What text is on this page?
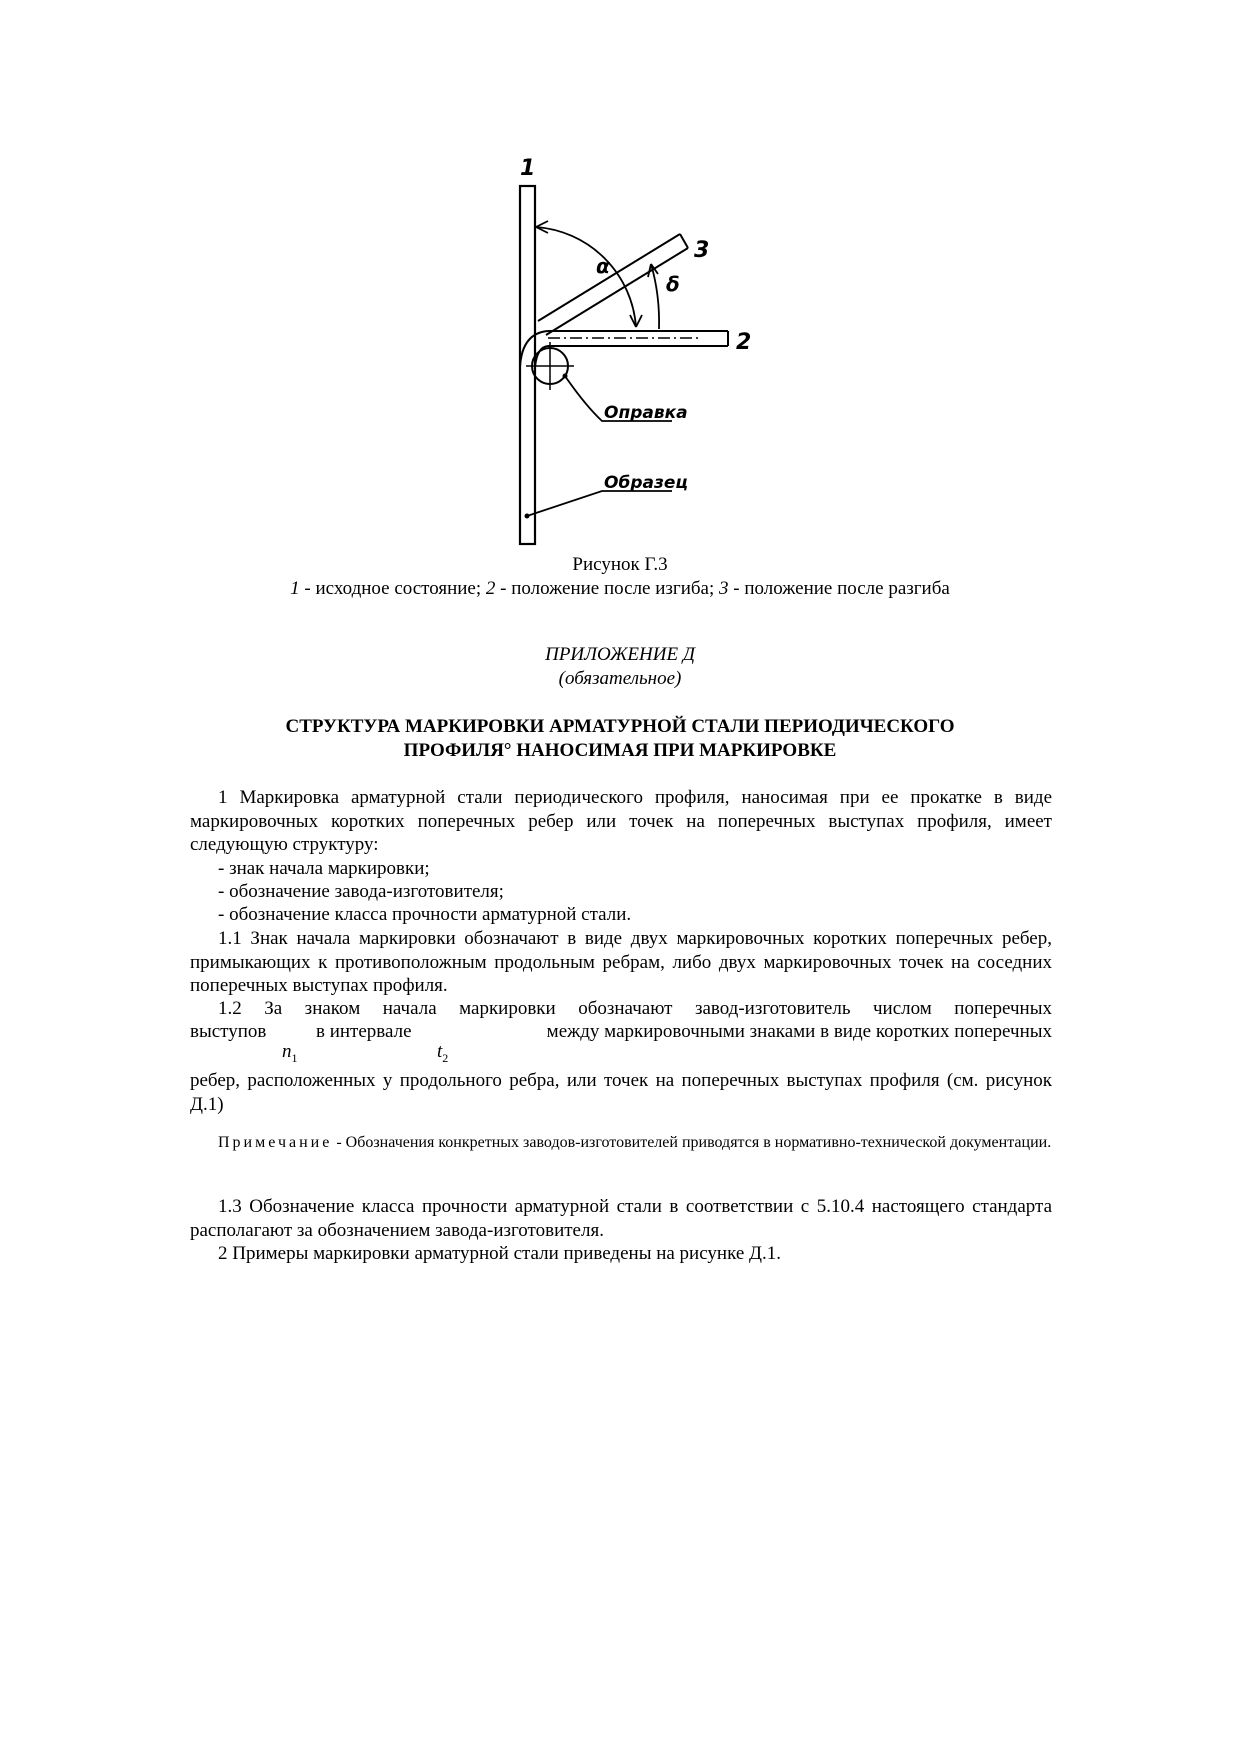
1
3
2
α
δ
Оправка
Образец
Рисунок Г.3
1 - исходное состояние; 2 - положение после изгиба; 3 - положение после разгиба
ПРИЛОЖЕНИЕ Д
(обязательное)
СТРУКТУРА МАРКИРОВКИ АРМАТУРНОЙ СТАЛИ ПЕРИОДИЧЕСКОГО
ПРОФИЛЯ° НАНОСИМАЯ ПРИ МАРКИРОВКЕ
1 Маркировка арматурной стали периодического профиля, наносимая при ее прокатке в виде маркировочных коротких поперечных ребер или точек на поперечных выступах профиля, имеет следующую структуру:
- знак начала маркировки;
- обозначение завода-изготовителя;
- обозначение класса прочности арматурной стали.
1.1 Знак начала маркировки обозначают в виде двух маркировочных коротких поперечных ребер, примыкающих к противоположным продольным ребрам, либо двух маркировочных точек на соседних поперечных выступах профиля.
1.2 За знаком начала маркировки обозначают завод-изготовитель числом поперечных
выступов	в интервале	между маркировочными знаками в виде коротких поперечных
$n_1$	$t_2$
ребер, расположенных у продольного ребра, или точек на поперечных выступах профиля (см. рисунок Д.1)
Примечание - Обозначения конкретных заводов-изготовителей приводятся в нормативно-технической документации.
1.3 Обозначение класса прочности арматурной стали в соответствии с 5.10.4 настоящего стандарта располагают за обозначением завода-изготовителя.
2 Примеры маркировки арматурной стали приведены на рисунке Д.1.
